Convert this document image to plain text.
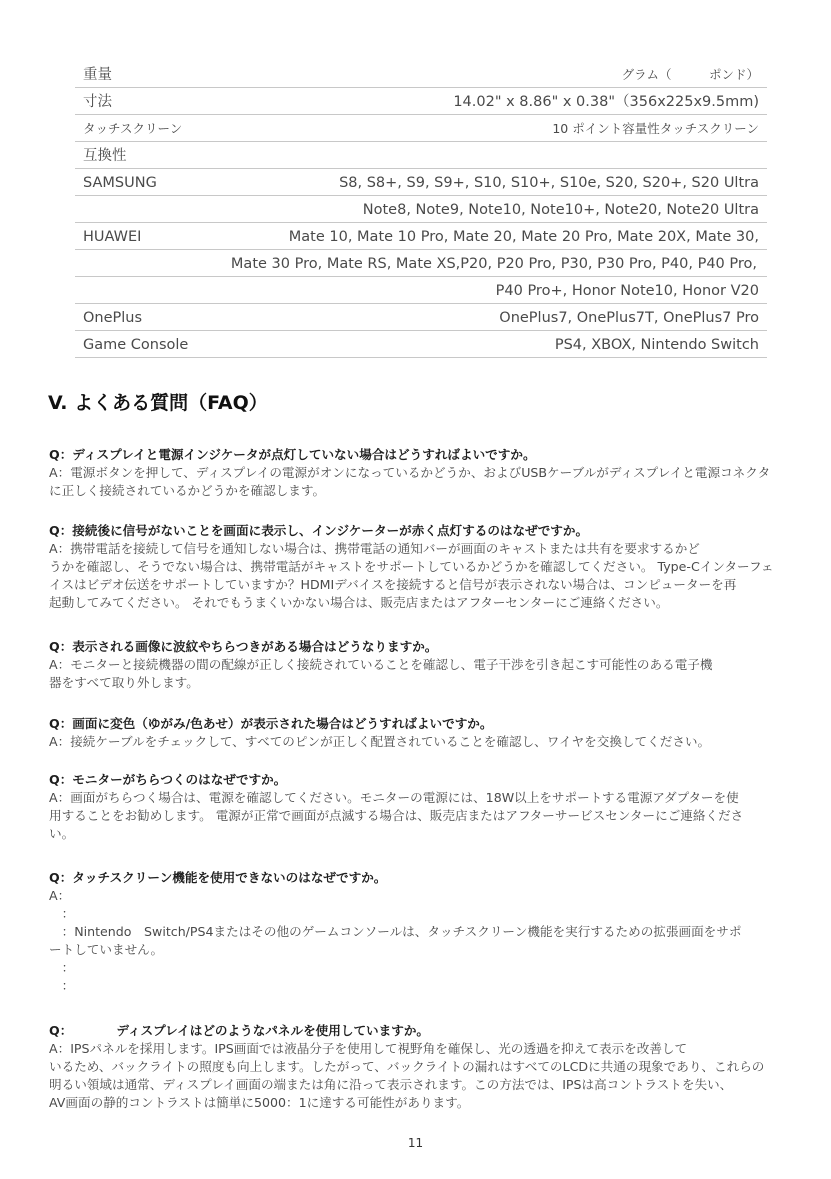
重量	グラム（　　　ポンド）
寸法	14.02" x 8.86" x 0.38"（356x225x9.5mm)
タッチスクリーン	10 ポイント容量性タッチスクリーン
互換性
SAMSUNG	S8, S8+, S9, S9+, S10, S10+, S10e, S20, S20+, S20 Ultra
Note8, Note9, Note10, Note10+, Note20, Note20 Ultra
HUAWEI	Mate 10, Mate 10 Pro, Mate 20, Mate 20 Pro, Mate 20X, Mate 30,
Mate 30 Pro, Mate RS, Mate XS,P20, P20 Pro, P30, P30 Pro, P40, P40 Pro,
P40 Pro+, Honor Note10, Honor V20
OnePlus	OnePlus7, OnePlus7T, OnePlus7 Pro
Game Console	PS4, XBOX, Nintendo Switch
V. よくある質問（FAQ）
Q：ディスプレイと電源インジケータが点灯していない場合はどうすればよいですか。
A：電源ボタンを押して、ディスプレイの電源がオンになっているかどうか、およびUSBケーブルがディスプレイと電源コネクタ
に正しく接続されているかどうかを確認します。
Q：接続後に信号がないことを画面に表示し、インジケーターが赤く点灯するのはなぜですか。
A：携帯電話を接続して信号を通知しない場合は、携帯電話の通知バーが画面のキャストまたは共有を要求するかど
うかを確認し、そうでない場合は、携帯電話がキャストをサポートしているかどうかを確認してください。 Type-Cインターフェ
イスはビデオ伝送をサポートしていますか？HDMIデバイスを接続すると信号が表示されない場合は、コンピューターを再
起動してみてください。 それでもうまくいかない場合は、販売店またはアフターセンターにご連絡ください。
Q：表示される画像に波紋やちらつきがある場合はどうなりますか。
A：モニターと接続機器の間の配線が正しく接続されていることを確認し、電子干渉を引き起こす可能性のある電子機
器をすべて取り外します。
Q：画面に変色（ゆがみ/色あせ）が表示された場合はどうすればよいですか。
A：接続ケーブルをチェックして、すべてのピンが正しく配置されていることを確認し、ワイヤを交換してください。
Q：モニターがちらつくのはなぜですか。
A：画面がちらつく場合は、電源を確認してください。モニターの電源には、18W以上をサポートする電源アダプターを使
用することをお勧めします。 電源が正常で画面が点滅する場合は、販売店またはアフターサービスセンターにご連絡くださ
い。
Q：タッチスクリーン機能を使用できないのはなぜですか。
A：
　：
　：Nintendo　Switch/PS4またはその他のゲームコンソールは、タッチスクリーン機能を実行するための拡張画面をサポ
ートしていません。
　：
　：
Q：	ディスプレイはどのようなパネルを使用していますか。
A：IPSパネルを採用します。IPS画面では液晶分子を使用して視野角を確保し、光の透過を抑えて表示を改善して
いるため、バックライトの照度も向上します。したがって、バックライトの漏れはすべてのLCDに共通の現象であり、これらの
明るい領域は通常、ディスプレイ画面の端または角に沿って表示されます。この方法では、IPSは高コントラストを失い、
AV画面の静的コントラストは簡単に5000：1に達する可能性があります。
11
